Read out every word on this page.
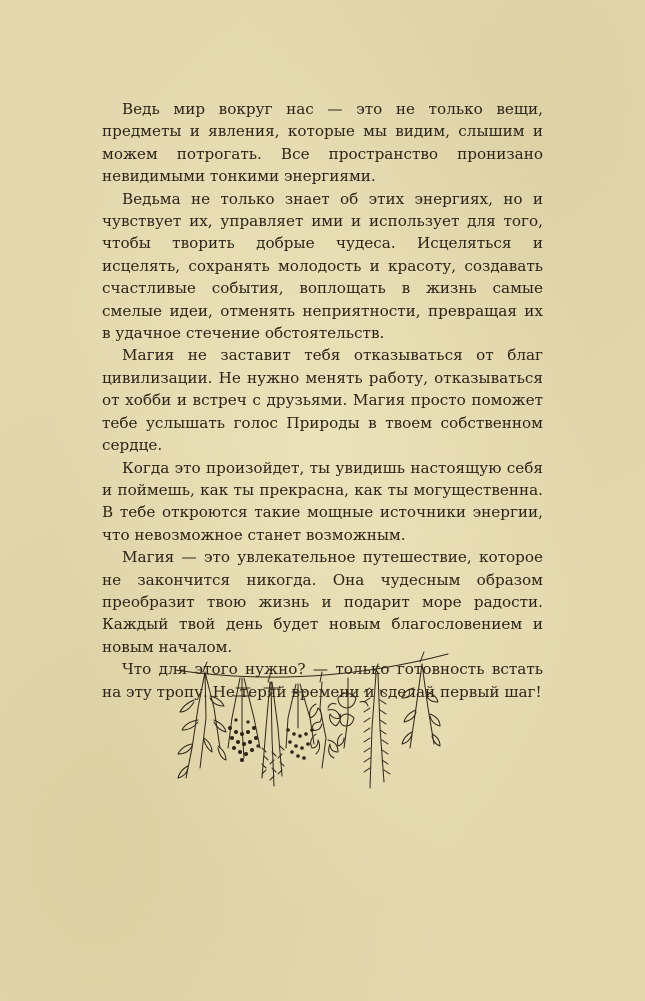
Ведь мир вокруг нас — это не только вещи, предметы и явления, которые мы видим, слышим и можем потрогать. Все пространство пронизано невидимыми тонкими энергиями.

Ведьма не только знает об этих энергиях, но и чувствует их, управляет ими и использует для того, чтобы творить добрые чудеса. Исцеляться и исцелять, сохранять молодость и красоту, создавать счастливые события, воплощать в жизнь самые смелые идеи, отменять неприятности, превращая их в удачное стечение обстоятельств.

Магия не заставит тебя отказываться от благ цивилизации. Не нужно менять работу, отказываться от хобби и встреч с друзьями. Магия просто поможет тебе услышать голос Природы в твоем собственном сердце.

Когда это произойдет, ты увидишь настоящую себя и поймешь, как ты прекрасна, как ты могущественна. В тебе откроются такие мощные источники энергии, что невозможное станет возможным.

Магия — это увлекательное путешествие, которое не закончится никогда. Она чудесным образом преобразит твою жизнь и подарит море радости. Каждый твой день будет новым благословением и новым началом.

Что для этого нужно? — только готовность встать на эту тропу. Не теряй времени и сделай первый шаг!
